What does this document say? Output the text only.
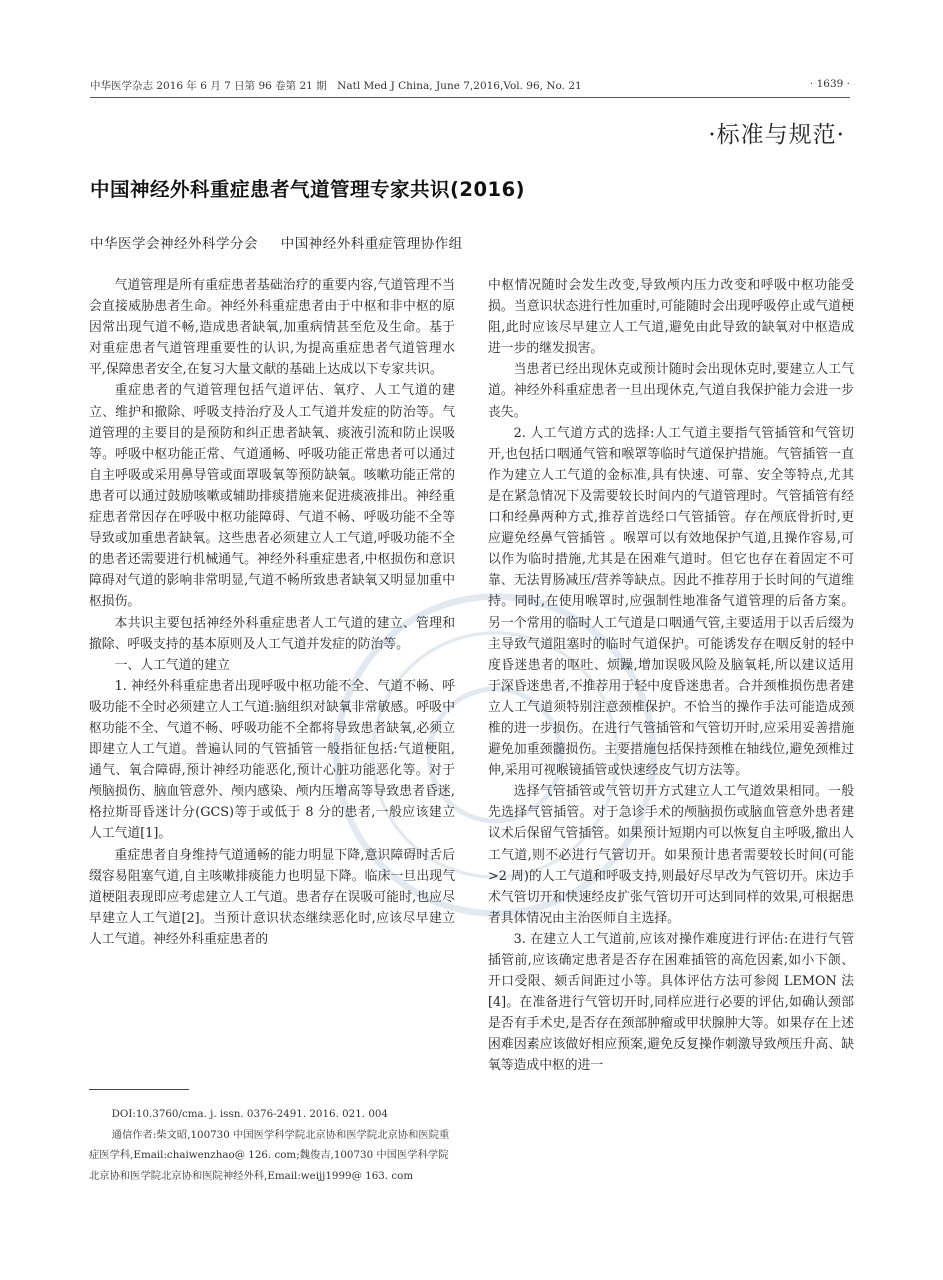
中华医学杂志 2016 年 6 月 7 日第 96 卷第 21 期　Natl Med J China, June 7,2016,Vol. 96, No. 21	· 1639 ·
·标准与规范·
中国神经外科重症患者气道管理专家共识(2016)
中华医学会神经外科学分会 中国神经外科重症管理协作组

气道管理是所有重症患者基础治疗的重要内容,气道管理不当会直接威胁患者生命。神经外科重症患者由于中枢和非中枢的原因常出现气道不畅,造成患者缺氧,加重病情甚至危及生命。基于对重症患者气道管理重要性的认识,为提高重症患者气道管理水平,保障患者安全,在复习大量文献的基础上达成以下专家共识。

重症患者的气道管理包括气道评估、氧疗、人工气道的建立、维护和撤除、呼吸支持治疗及人工气道并发症的防治等。气道管理的主要目的是预防和纠正患者缺氧、痰液引流和防止误吸等。呼吸中枢功能正常、气道通畅、呼吸功能正常患者可以通过自主呼吸或采用鼻导管或面罩吸氧等预防缺氧。咳嗽功能正常的患者可以通过鼓励咳嗽或辅助排痰措施来促进痰液排出。神经重症患者常因存在呼吸中枢功能障碍、气道不畅、呼吸功能不全等导致或加重患者缺氧。这些患者必须建立人工气道,呼吸功能不全的患者还需要进行机械通气。神经外科重症患者,中枢损伤和意识障碍对气道的影响非常明显,气道不畅所致患者缺氧又明显加重中枢损伤。

本共识主要包括神经外科重症患者人工气道的建立、管理和撤除、呼吸支持的基本原则及人工气道并发症的防治等。

一、人工气道的建立

1. 神经外科重症患者出现呼吸中枢功能不全、气道不畅、呼吸功能不全时必须建立人工气道:脑组织对缺氧非常敏感。呼吸中枢功能不全、气道不畅、呼吸功能不全都将导致患者缺氧,必须立即建立人工气道。普遍认同的气管插管一般指征包括:气道梗阻,通气、氧合障碍,预计神经功能恶化,预计心脏功能恶化等。对于颅脑损伤、脑血管意外、颅内感染、颅内压增高等导致患者昏迷,格拉斯哥昏迷计分(GCS)等于或低于 8 分的患者,一般应该建立人工气道[1]。

重症患者自身维持气道通畅的能力明显下降,意识障碍时舌后缀容易阻塞气道,自主咳嗽排痰能力也明显下降。临床一旦出现气道梗阻表现即应考虑建立人工气道。患者存在误吸可能时,也应尽早建立人工气道[2]。当预计意识状态继续恶化时,应该尽早建立人工气道。神经外科重症患者的

中枢情况随时会发生改变,导致颅内压力改变和呼吸中枢功能受损。当意识状态进行性加重时,可能随时会出现呼吸停止或气道梗阻,此时应该尽早建立人工气道,避免由此导致的缺氧对中枢造成进一步的继发损害。

当患者已经出现休克或预计随时会出现休克时,要建立人工气道。神经外科重症患者一旦出现休克,气道自我保护能力会进一步丧失。

2. 人工气道方式的选择:人工气道主要指气管插管和气管切开,也包括口咽通气管和喉罩等临时气道保护措施。气管插管一直作为建立人工气道的金标准,具有快速、可靠、安全等特点,尤其是在紧急情况下及需要较长时间内的气道管理时。气管插管有经口和经鼻两种方式,推荐首选经口气管插管。存在颅底骨折时,更应避免经鼻气管插管 。喉罩可以有效地保护气道,且操作容易,可以作为临时措施,尤其是在困难气道时。但它也存在着固定不可靠、无法胃肠减压/营养等缺点。因此不推荐用于长时间的气道维持。同时,在使用喉罩时,应强制性地准备气道管理的后备方案。另一个常用的临时人工气道是口咽通气管,主要适用于以舌后缀为主导致气道阻塞时的临时气道保护。可能诱发存在咽反射的轻中度昏迷患者的呕吐、烦躁,增加误吸风险及脑氧耗,所以建议适用于深昏迷患者,不推荐用于轻中度昏迷患者。合并颈椎损伤患者建立人工气道须特别注意颈椎保护。不恰当的操作手法可能造成颈椎的进一步损伤。在进行气管插管和气管切开时,应采用妥善措施避免加重颈髓损伤。主要措施包括保持颈椎在轴线位,避免颈椎过伸,采用可视喉镜插管或快速经皮气切方法等。

选择气管插管或气管切开方式建立人工气道效果相同。一般先选择气管插管。对于急诊手术的颅脑损伤或脑血管意外患者建议术后保留气管插管。如果预计短期内可以恢复自主呼吸,撤出人工气道,则不必进行气管切开。如果预计患者需要较长时间(可能 >2 周)的人工气道和呼吸支持,则最好尽早改为气管切开。床边手术气管切开和快速经皮扩张气管切开可达到同样的效果,可根据患者具体情况由主治医师自主选择。

3. 在建立人工气道前,应该对操作难度进行评估:在进行气管插管前,应该确定患者是否存在困难插管的高危因素,如小下颌、开口受限、颏舌间距过小等。具体评估方法可参阅 LEMON 法[4]。在准备进行气管切开时,同样应进行必要的评估,如确认颈部是否有手术史,是否存在颈部肿瘤或甲状腺肿大等。如果存在上述困难因素应该做好相应预案,避免反复操作刺激导致颅压升高、缺氧等造成中枢的进一

DOI:10.3760/cma. j. issn. 0376-2491. 2016. 021. 004

通信作者:柴文昭,100730 中国医学科学院北京协和医学院北京协和医院重症医学科,Email:chaiwenzhao@ 126. com;魏俊吉,100730 中国医学科学院北京协和医学院北京协和医院神经外科,Email:weijj1999@ 163. com
